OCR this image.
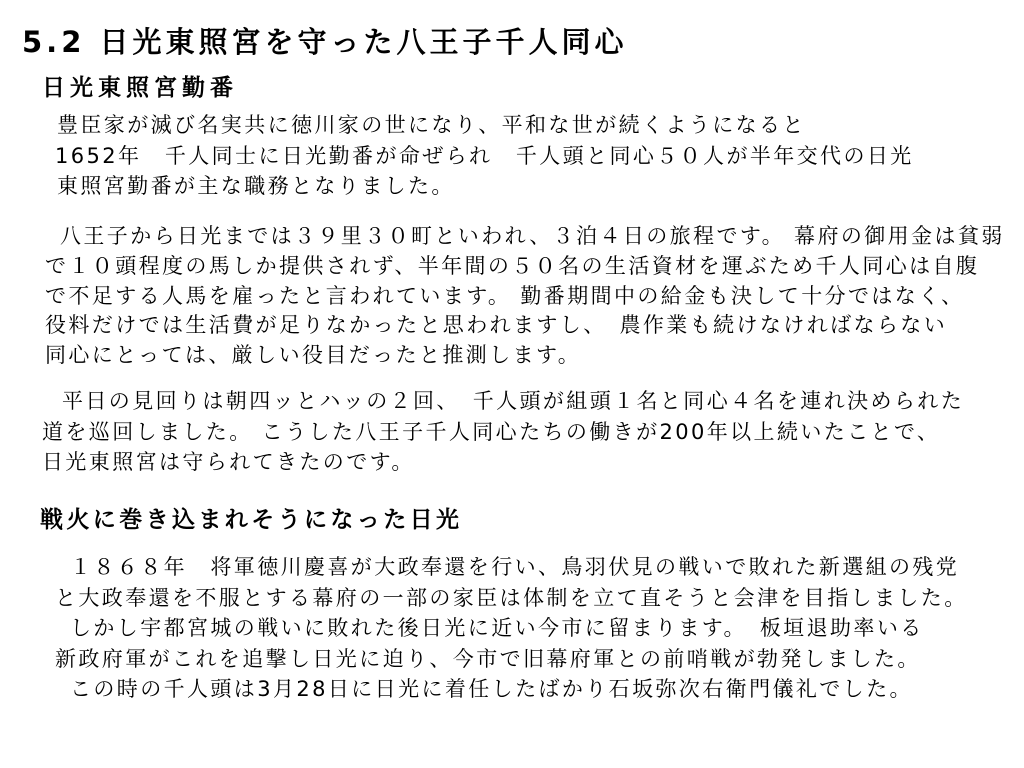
5.2 日光東照宮を守った八王子千人同心
日光東照宮勤番
豊臣家が滅び名実共に徳川家の世になり、平和な世が続くようになると
1652年　千人同士に日光勤番が命ぜられ　千人頭と同心５０人が半年交代の日光
東照宮勤番が主な職務となりました。
八王子から日光までは３９里３０町といわれ、３泊４日の旅程です。 幕府の御用金は貧弱
で１０頭程度の馬しか提供されず、半年間の５０名の生活資材を運ぶため千人同心は自腹
で不足する人馬を雇ったと言われています。 勤番期間中の給金も決して十分ではなく、
役料だけでは生活費が足りなかったと思われますし、　農作業も続けなければならない
同心にとっては、厳しい役目だったと推測します。
平日の見回りは朝四ッとハッの２回、　千人頭が組頭１名と同心４名を連れ決められた
道を巡回しました。 こうした八王子千人同心たちの働きが200年以上続いたことで、
日光東照宮は守られてきたのです。
戦火に巻き込まれそうになった日光
１８６８年　将軍徳川慶喜が大政奉還を行い、鳥羽伏見の戦いで敗れた新選組の残党
と大政奉還を不服とする幕府の一部の家臣は体制を立て直そうと会津を目指しました。
しかし宇都宮城の戦いに敗れた後日光に近い今市に留まります。　板垣退助率いる
新政府軍がこれを追撃し日光に迫り、今市で旧幕府軍との前哨戦が勃発しました。
この時の千人頭は3月28日に日光に着任したばかり石坂弥次右衛門儀礼でした。
